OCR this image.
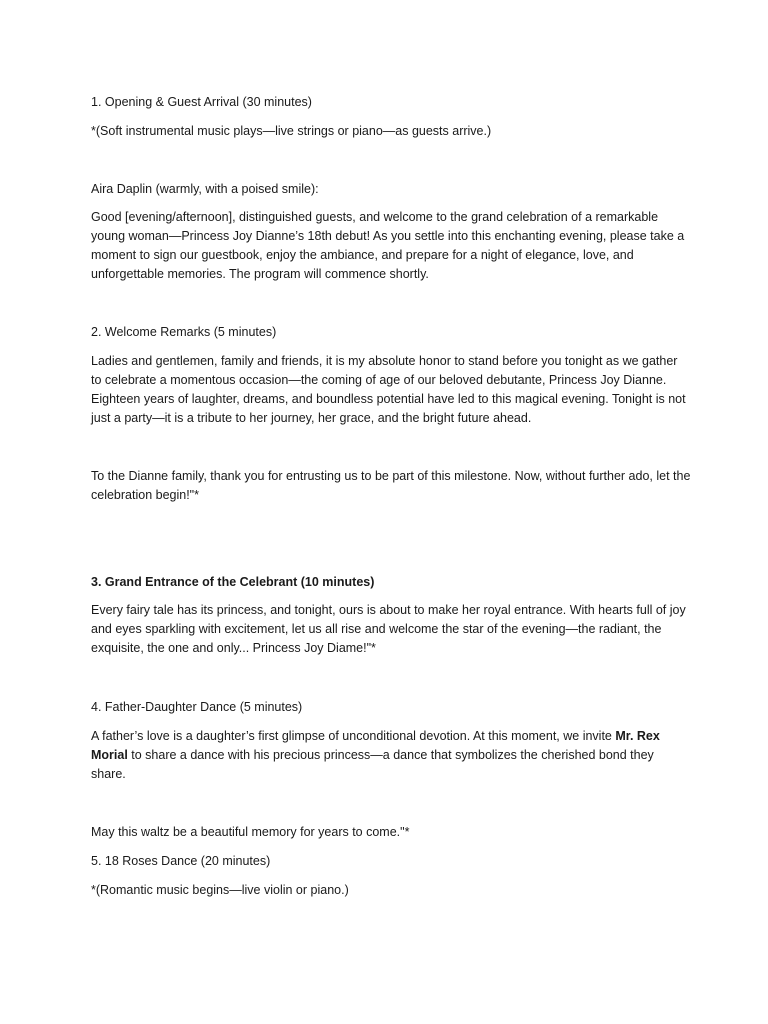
1. Opening & Guest Arrival (30 minutes)

*(Soft instrumental music plays—live strings or piano—as guests arrive.)

Aira Daplin (warmly, with a poised smile):

Good [evening/afternoon], distinguished guests, and welcome to the grand celebration of a remarkable young woman—Princess Joy Dianne’s 18th debut! As you settle into this enchanting evening, please take a moment to sign our guestbook, enjoy the ambiance, and prepare for a night of elegance, love, and unforgettable memories. The program will commence shortly.

2. Welcome Remarks (5 minutes)

Ladies and gentlemen, family and friends, it is my absolute honor to stand before you tonight as we gather to celebrate a momentous occasion—the coming of age of our beloved debutante, Princess Joy Dianne. Eighteen years of laughter, dreams, and boundless potential have led to this magical evening. Tonight is not just a party—it is a tribute to her journey, her grace, and the bright future ahead.

To the Dianne family, thank you for entrusting us to be part of this milestone. Now, without further ado, let the celebration begin!"*

3. Grand Entrance of the Celebrant (10 minutes)

Every fairy tale has its princess, and tonight, ours is about to make her royal entrance. With hearts full of joy and eyes sparkling with excitement, let us all rise and welcome the star of the evening—the radiant, the exquisite, the one and only... Princess Joy Diame!"*

4. Father-Daughter Dance (5 minutes)

A father’s love is a daughter’s first glimpse of unconditional devotion. At this moment, we invite Mr. Rex Morial to share a dance with his precious princess—a dance that symbolizes the cherished bond they share.

May this waltz be a beautiful memory for years to come."*

5. 18 Roses Dance (20 minutes)

*(Romantic music begins—live violin or piano.)
